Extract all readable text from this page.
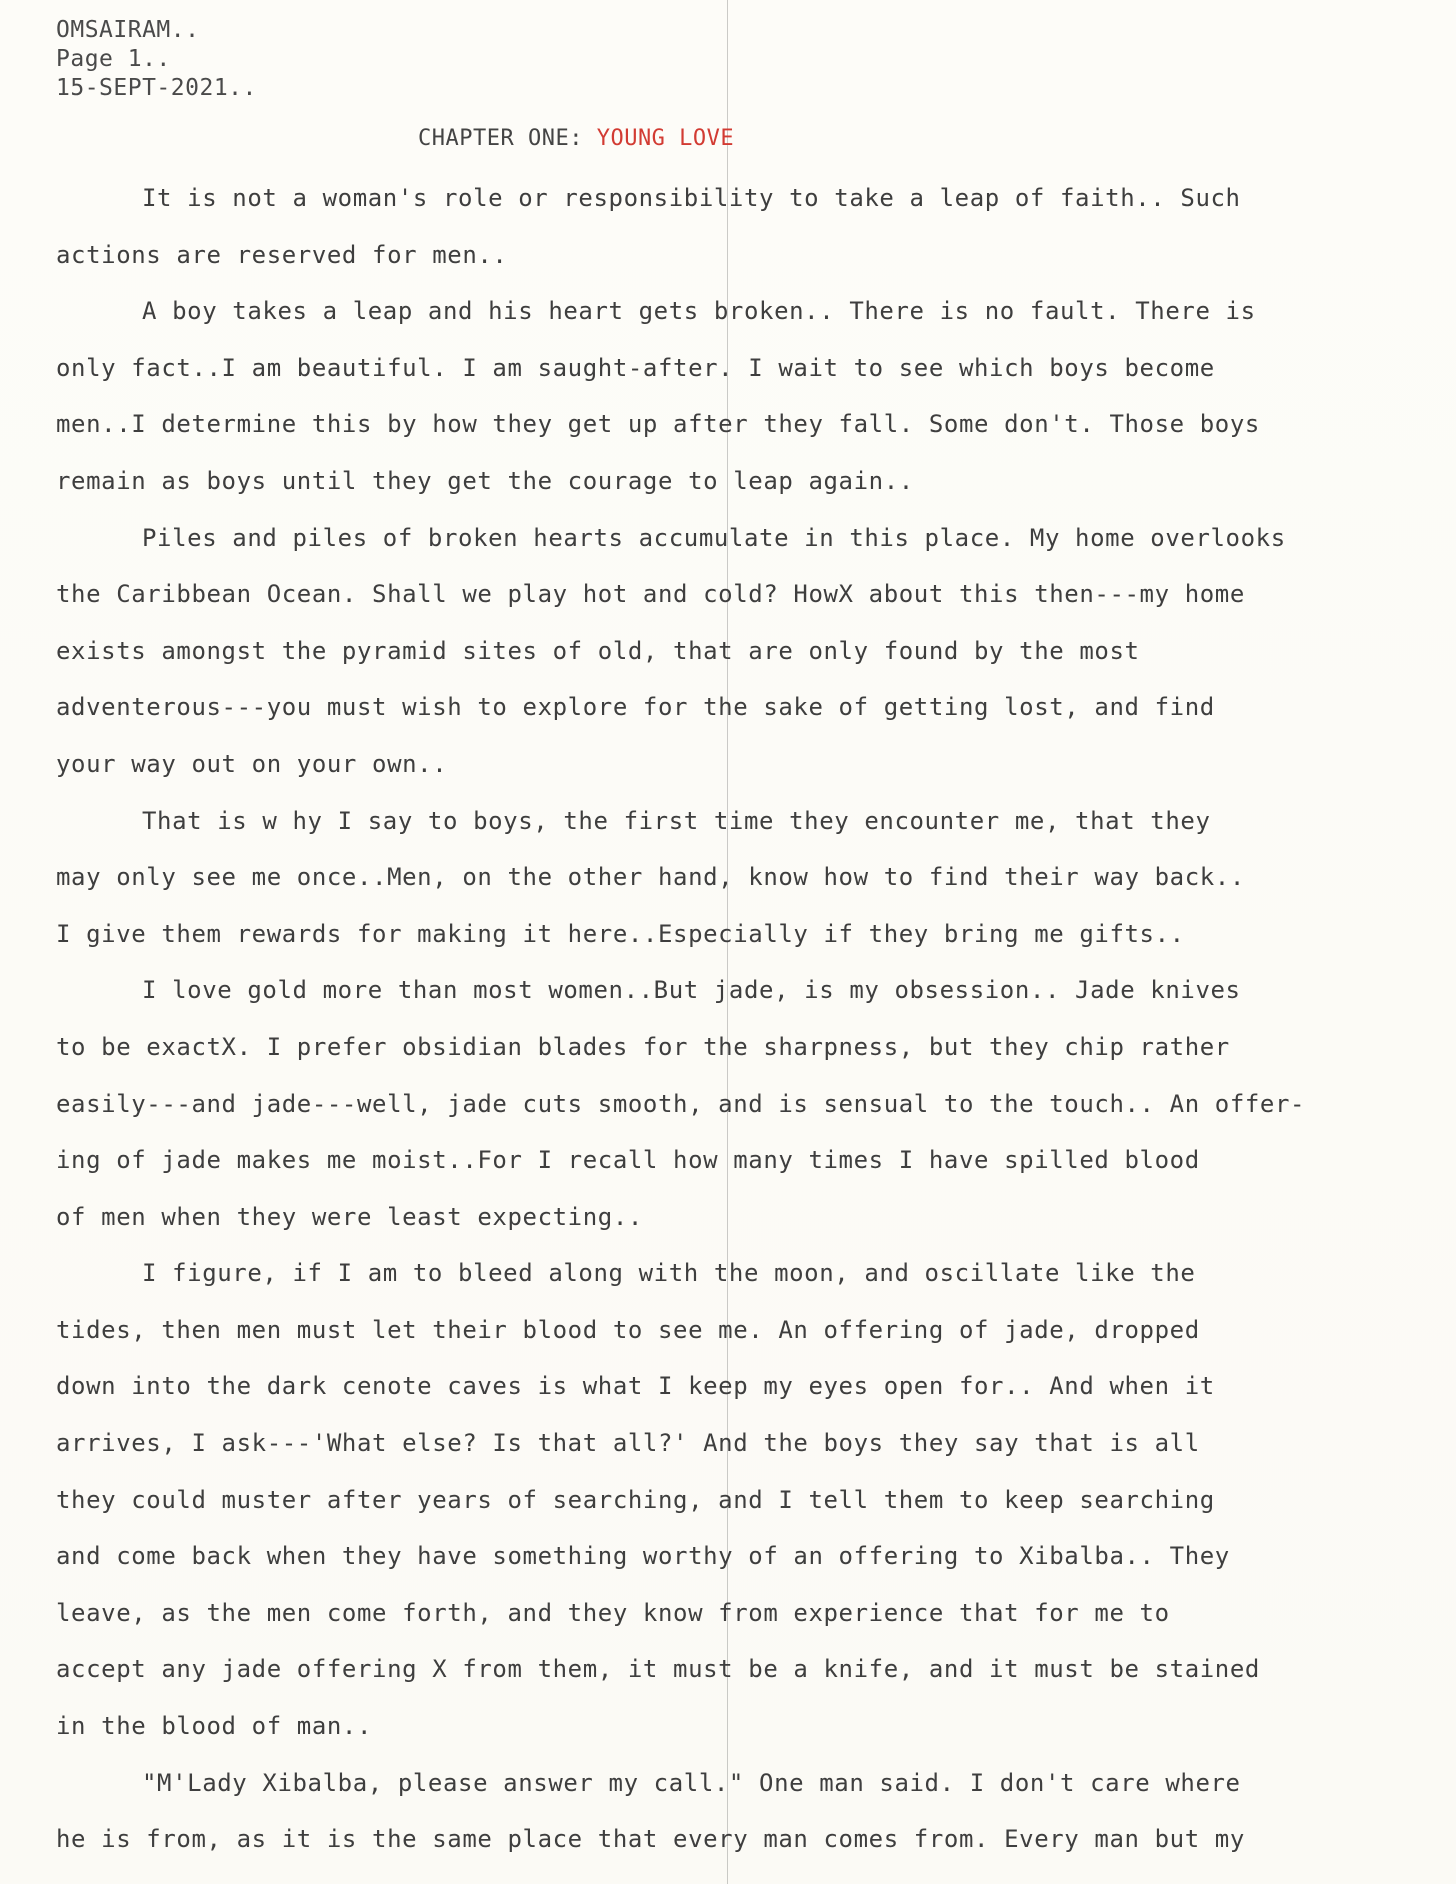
OMSAIRAM..
Page 1..
15-SEPT-2021..
CHAPTER ONE: YOUNG LOVE
It is not a woman's role or responsibility to take a leap of faith.. Such
actions are reserved for men..
A boy takes a leap and his heart gets broken.. There is no fault. There is
only fact..I am beautiful. I am saught-after. I wait to see which boys become
men..I determine this by how they get up after they fall. Some don't. Those boys
remain as boys until they get the courage to leap again..
Piles and piles of broken hearts accumulate in this place. My home overlooks
the Caribbean Ocean. Shall we play hot and cold? HowX about this then---my home
exists amongst the pyramid sites of old, that are only found by the most
adventerous---you must wish to explore for the sake of getting lost, and find
your way out on your own..
That is w hy I say to boys, the first time they encounter me, that they
may only see me once..Men, on the other hand, know how to find their way back..
I give them rewards for making it here..Especially if they bring me gifts..
I love gold more than most women..But jade, is my obsession.. Jade knives
to be exactX. I prefer obsidian blades for the sharpness, but they chip rather
easily---and jade---well, jade cuts smooth, and is sensual to the touch.. An offer-
ing of jade makes me moist..For I recall how many times I have spilled blood
of men when they were least expecting..
I figure, if I am to bleed along with the moon, and oscillate like the
tides, then men must let their blood to see me. An offering of jade, dropped
down into the dark cenote caves is what I keep my eyes open for.. And when it
arrives, I ask---'What else? Is that all?' And the boys they say that is all
they could muster after years of searching, and I tell them to keep searching
and come back when they have something worthy of an offering to Xibalba.. They
leave, as the men come forth, and they know from experience that for me to
accept any jade offering X from them, it must be a knife, and it must be stained
in the blood of man..
"M'Lady Xibalba, please answer my call." One man said. I don't care where
he is from, as it is the same place that every man comes from. Every man but my
